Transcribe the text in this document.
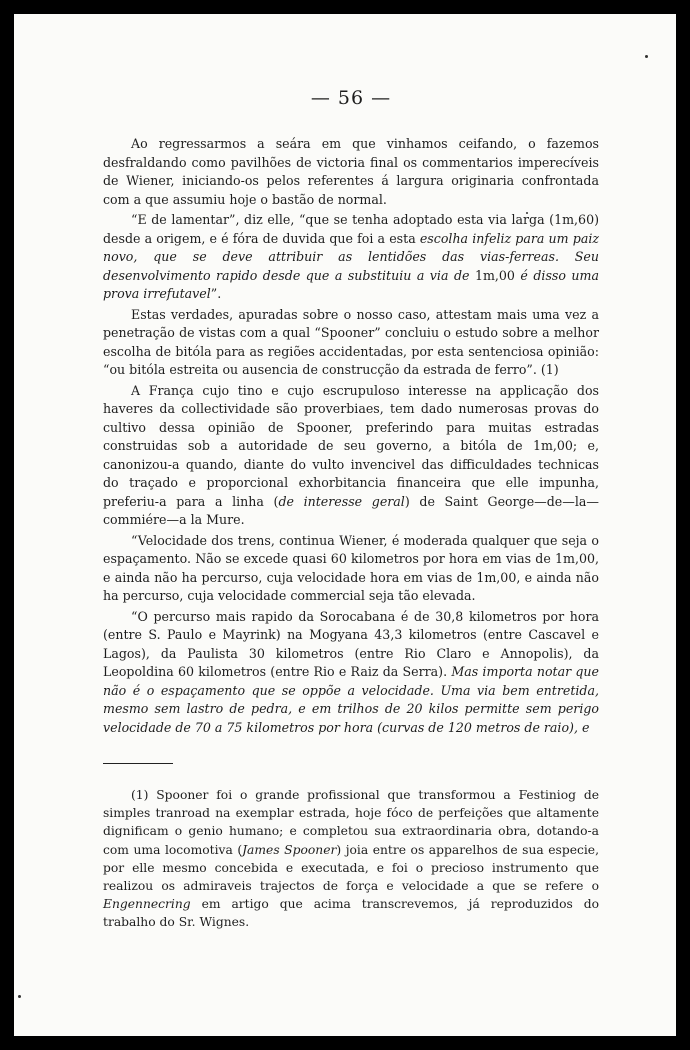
— 56 —

Ao regressarmos a seára em que vinhamos ceifando, o fazemos desfraldando como pavilhões de victoria final os commentarios imperecíveis de Wiener, iniciando-os pelos referentes á largura originaria confrontada com a que assumiu hoje o bastão de normal.

“E de lamentar”, diz elle, “que se tenha adoptado esta via larga (1m,60) desde a origem, e é fóra de duvida que foi a esta escolha infeliz para um paiz novo, que se deve attribuir as lentidões das vias-ferreas. Seu desenvolvimento rapido desde que a substituiu a via de 1m,00 é disso uma prova irrefutavel”.

Estas verdades, apuradas sobre o nosso caso, attestam mais uma vez a penetração de vistas com a qual “Spooner” concluiu o estudo sobre a melhor escolha de bitóla para as regiões accidentadas, por esta sentenciosa opinião: “ou bitóla estreita ou ausencia de construcção da estrada de ferro”. (1)

A França cujo tino e cujo escrupuloso interesse na applicação dos haveres da collectividade são proverbiaes, tem dado numerosas provas do cultivo dessa opinião de Spooner, preferindo para muitas estradas construidas sob a autoridade de seu governo, a bitóla de 1m,00; e, canonizou-a quando, diante do vulto invencivel das difficuldades technicas do traçado e proporcional exhorbitancia financeira que elle impunha, preferiu-a para a linha (de interesse geral) de Saint George—de—la—commiére—a la Mure.

“Velocidade dos trens, continua Wiener, é moderada qualquer que seja o espaçamento. Não se excede quasi 60 kilometros por hora em vias de 1m,00, e ainda não ha percurso, cuja velocidade hora em vias de 1m,00, e ainda não ha percurso, cuja velocidade commercial seja tão elevada.

“O percurso mais rapido da Sorocabana é de 30,8 kilometros por hora (entre S. Paulo e Mayrink) na Mogyana 43,3 kilometros (entre Cascavel e Lagos), da Paulista 30 kilometros (entre Rio Claro e Annopolis), da Leopoldina 60 kilometros (entre Rio e Raiz da Serra). Mas importa notar que não é o espaçamento que se oppõe a velocidade. Uma via bem entretida, mesmo sem lastro de pedra, e em trilhos de 20 kilos permitte sem perigo velocidade de 70 a 75 kilometros por hora (curvas de 120 metros de raio), e

(1) Spooner foi o grande profissional que transformou a Festiniog de simples tranroad na exemplar estrada, hoje fóco de perfeições que altamente dignificam o genio humano; e completou sua extraordinaria obra, dotando-a com uma locomotiva (James Spooner) joia entre os apparelhos de sua especie, por elle mesmo concebida e executada, e foi o precioso instrumento que realizou os admiraveis trajectos de força e velocidade a que se refere o Engennecring em artigo que acima transcrevemos, já reproduzidos do trabalho do Sr. Wignes.
